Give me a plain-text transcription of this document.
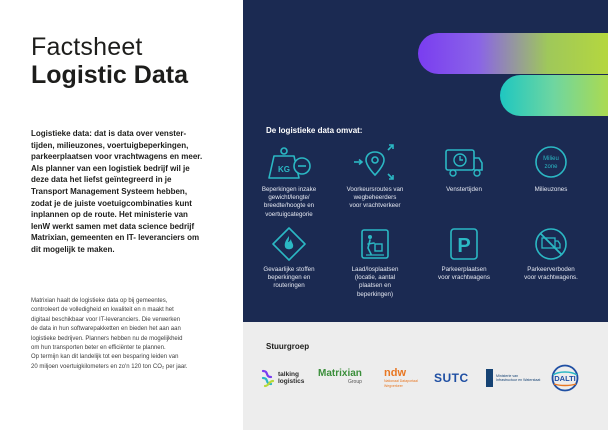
Factsheet
Logistic Data
Logistieke data: dat is data over venster-
tijden, milieuzones, voertuigbeperkingen,
parkeerplaatsen voor vrachtwagens en meer.
Als planner van een logistiek bedrijf wil je
deze data het liefst geïntegreerd in je
Transport Management Systeem hebben,
zodat je de juiste voetuigcombinaties kunt
inplannen op de route. Het ministerie van
IenW werkt samen met data science bedrijf
Matrixian, gemeenten en IT- leveranciers om
dit mogelijk te maken.
Matrixian haalt de logistieke data op bij gemeentes,
controleert de volledigheid en kwaliteit en n maakt het
digitaal beschikbaar voor IT-leveranciers. Die verwerken
de data in hun softwarepakketten en bieden het aan aan
logistieke bedrijven. Planners hebben nu de mogelijkheid
om hun transporten beter en efficiënter te plannen.
Op termijn kan dit landelijk tot een besparing leiden van
20 miljoen voertuigkilometers en zo'n 120 ton CO₂ per jaar.
De logistieke data omvat:
KG
Beperkingen inzake
gewicht/lengte/
breedte/hoogte en
voertuigcategorie
Voorkeursroutes van
wegbeheerders
voor vrachtverkeer
Venstertijden
Milieu
zone
Milieuzones
Gevaarlijke stoffen
beperkingen en
routeringen
Laad/losplaatsen
(locatie, aantal
plaatsen en
beperkingen)
P
Parkeerplaatsen
voor vrachtwagens
Parkeerverboden
voor vrachtwagens.
Stuurgroep
talking
logistics
Matrixian
Group
ndw
Nationaal Dataportaal
Wegverkeer
SUTC	Ministerie van
Infrastructuur en Waterstaat DALTI
